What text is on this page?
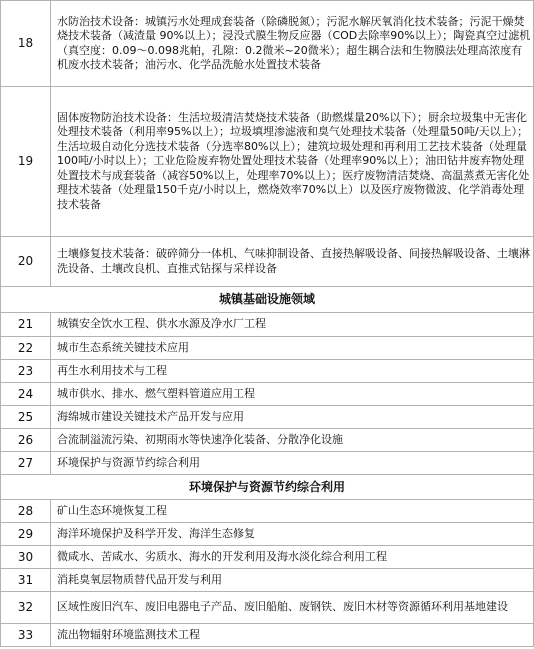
18	水防治技术设备：城镇污水处理成套装备（除磷脱氮）；污泥水解厌氧消化技术装备；污泥干燥焚烧技术装备（减渣量 90%以上）；浸没式膜生物反应器（COD去除率90%以上）；陶瓷真空过滤机（真空度：0.09～0.098兆帕，孔隙：0.2微米~20微米）；超生耦合法和生物膜法处理高浓度有机废水技术装备；油污水、化学品洗舱水处置技术装备
19	固体废物防治技术设备：生活垃圾清洁焚烧技术装备（助燃煤量20%以下）；厨余垃圾集中无害化处理技术装备（利用率95%以上）；垃圾填埋渗滤液和臭气处理技术装备（处理量50吨/天以上）；生活垃圾自动化分选技术装备（分选率80%以上）；建筑垃圾处理和再利用工艺技术装备（处理量100吨/小时以上）；工业危险废弃物处置处理技术装备（处理率90%以上）；油田钻井废弃物处理处置技术与成套装备（减容50%以上，处理率70%以上）；医疗废物清洁焚烧、高温蒸煮无害化处理技术装备（处理量150千克/小时以上，燃烧效率70%以上）以及医疗废物微波、化学消毒处理技术装备
20	土壤修复技术装备：破碎筛分一体机、气味抑制设备、直接热解吸设备、间接热解吸设备、土壤淋洗设备、土壤改良机、直推式钻探与采样设备
城镇基础设施领域	
21	城镇安全饮水工程、供水水源及净水厂工程
22	城市生态系统关键技术应用
23	再生水利用技术与工程
24	城市供水、排水、燃气塑料管道应用工程
25	海绵城市建设关键技术产品开发与应用
26	合流制溢流污染、初期雨水等快速净化装备、分散净化设施
27	环境保护与资源节约综合利用
环境保护与资源节约综合利用	
28	矿山生态环境恢复工程
29	海洋环境保护及科学开发、海洋生态修复
30	微咸水、苦咸水、劣质水、海水的开发利用及海水淡化综合利用工程
31	消耗臭氧层物质替代品开发与利用
32	区域性废旧汽车、废旧电器电子产品、废旧船舶、废钢铁、废旧木材等资源循环利用基地建设
33	流出物辐射环境监测技术工程
